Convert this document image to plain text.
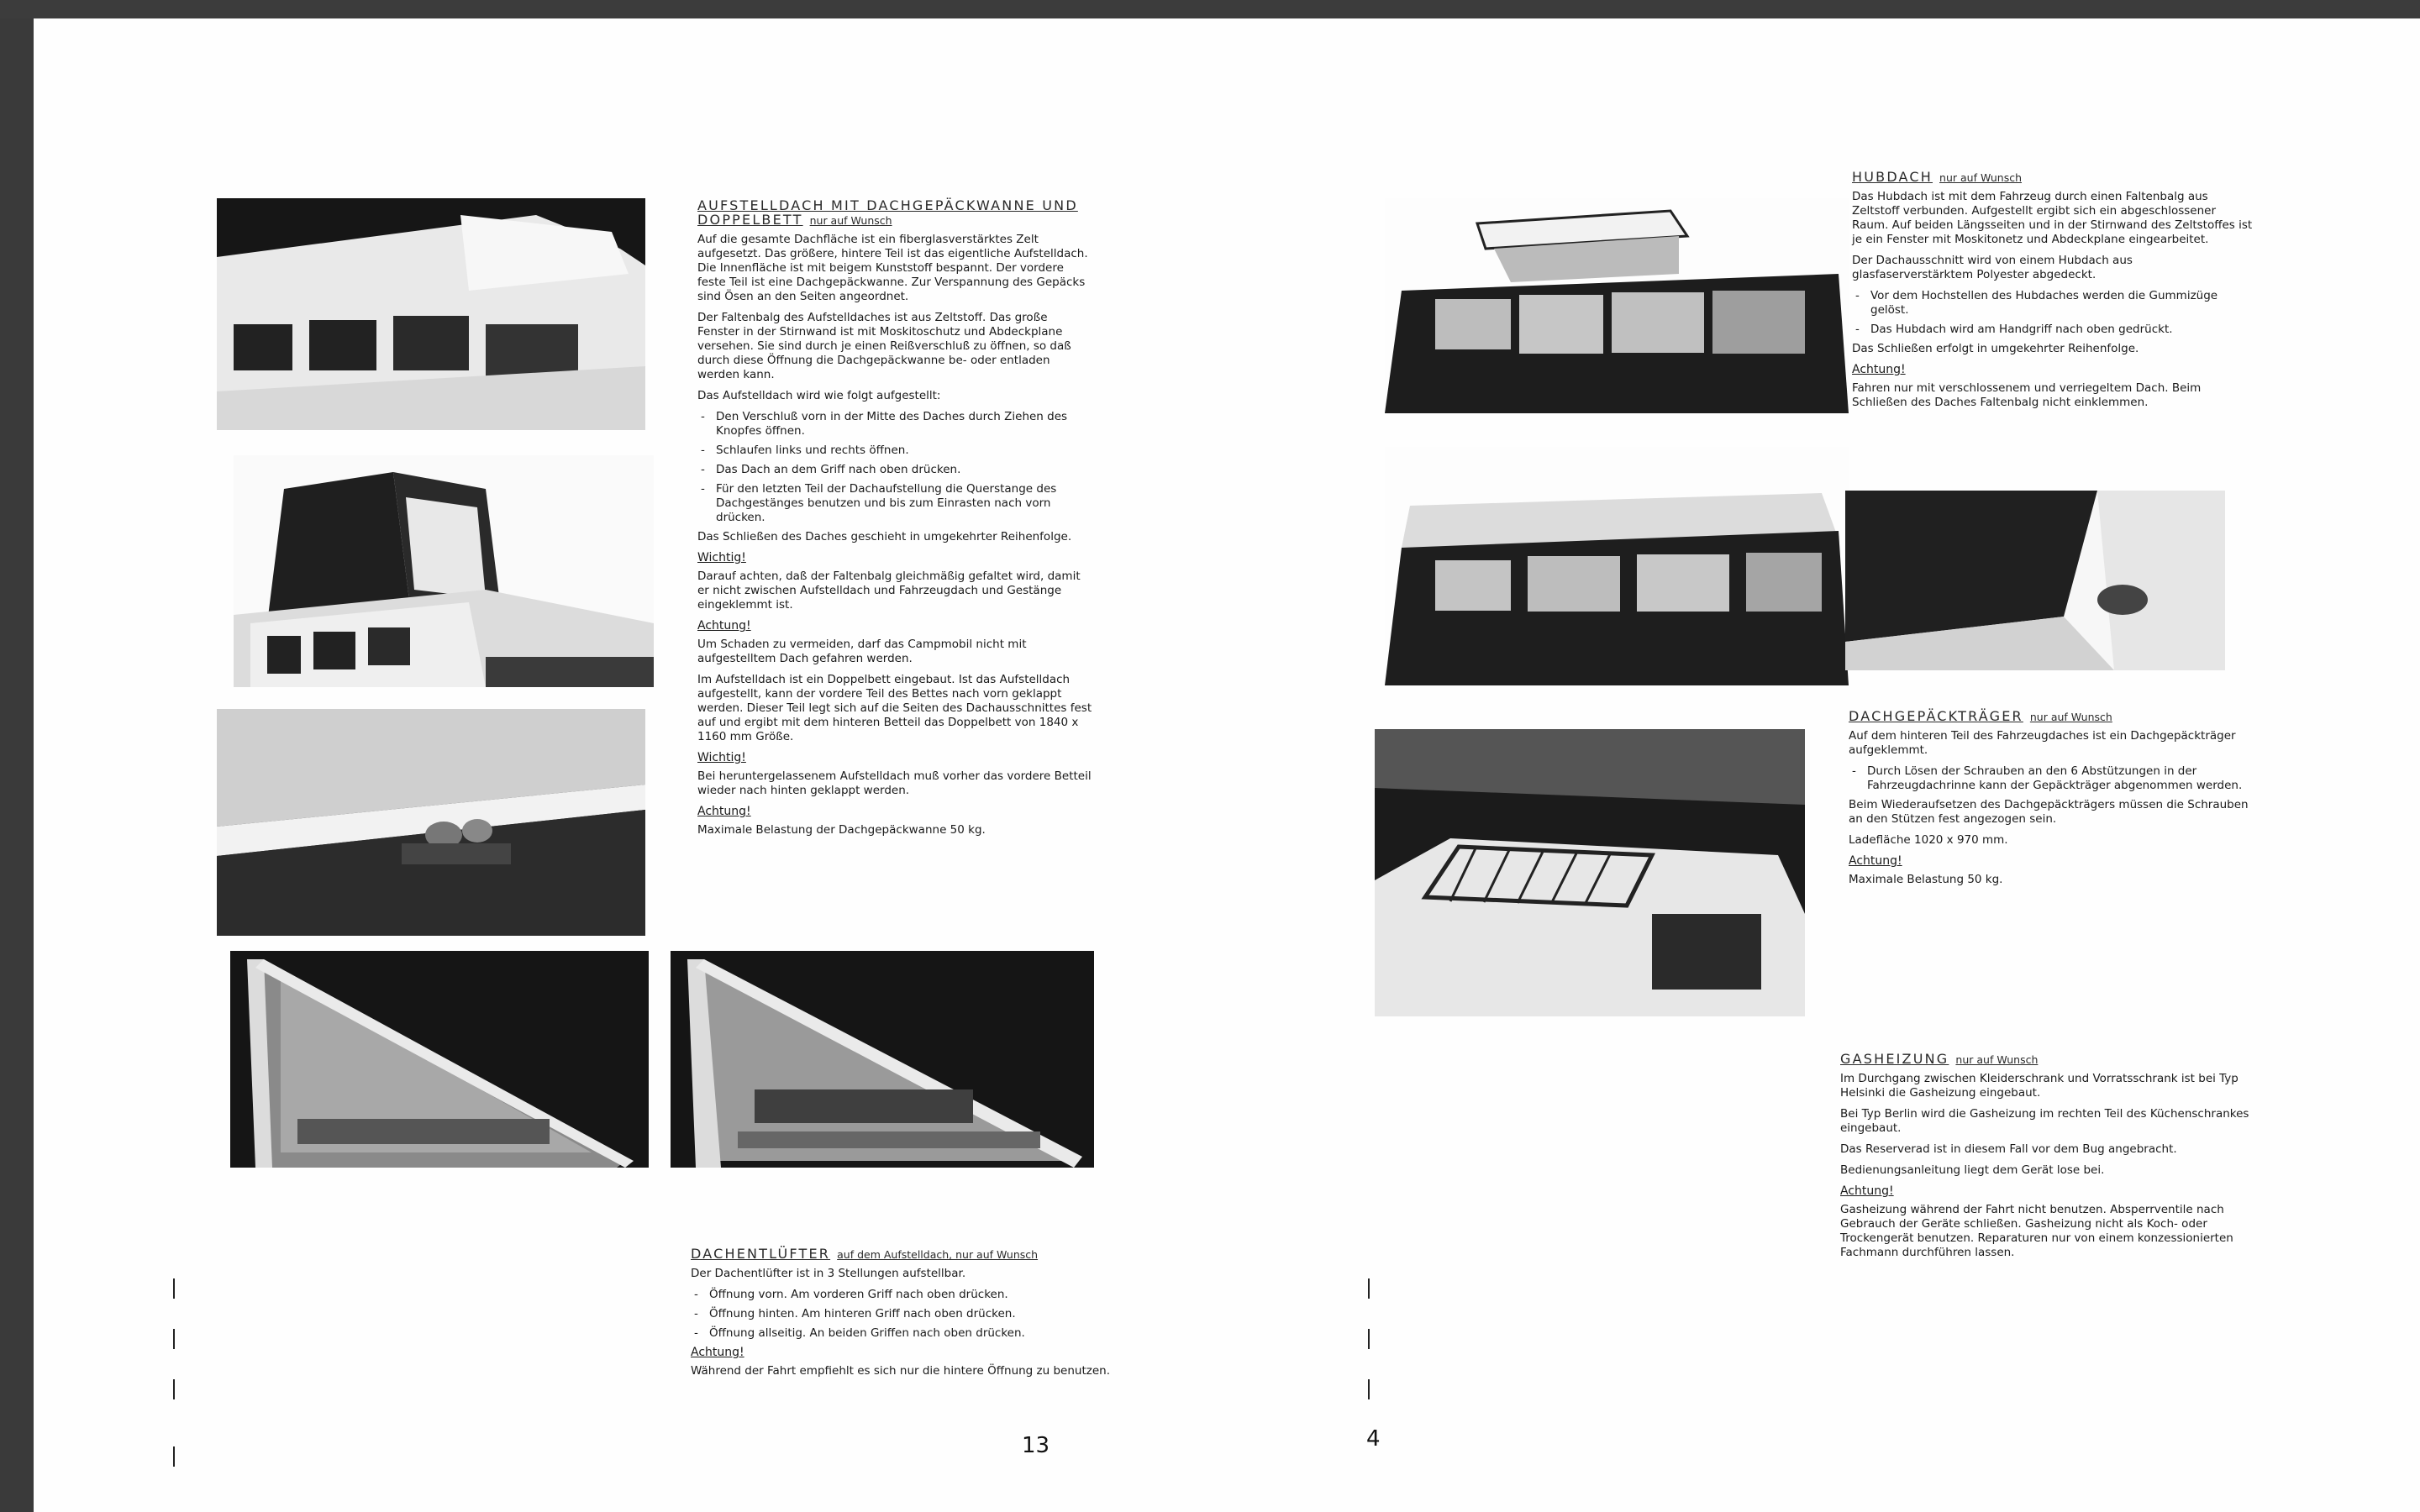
AUFSTELLDACH MIT DACHGEPÄCKWANNE UND DOPPELBETT nur auf Wunsch
Auf die gesamte Dachfläche ist ein fiberglasverstärktes Zelt aufgesetzt. Das größere, hintere Teil ist das eigentliche Aufstelldach. Die Innenfläche ist mit beigem Kunststoff bespannt. Der vordere feste Teil ist eine Dachgepäckwanne. Zur Verspannung des Gepäcks sind Ösen an den Seiten angeordnet.
Der Faltenbalg des Aufstelldaches ist aus Zeltstoff. Das große Fenster in der Stirnwand ist mit Moskitoschutz und Abdeckplane versehen. Sie sind durch je einen Reißverschluß zu öffnen, so daß durch diese Öffnung die Dachgepäckwanne be- oder entladen werden kann.
Das Aufstelldach wird wie folgt aufgestellt:
- Den Verschluß vorn in der Mitte des Daches durch Ziehen des Knopfes öffnen.
- Schlaufen links und rechts öffnen.
- Das Dach an dem Griff nach oben drücken.
- Für den letzten Teil der Dachaufstellung die Querstange des Dachgestänges benutzen und bis zum Einrasten nach vorn drücken.
Das Schließen des Daches geschieht in umgekehrter Reihenfolge.
Wichtig!
Darauf achten, daß der Faltenbalg gleichmäßig gefaltet wird, damit er nicht zwischen Aufstelldach und Fahrzeugdach und Gestänge eingeklemmt ist.
Achtung!
Um Schaden zu vermeiden, darf das Campmobil nicht mit aufgestelltem Dach gefahren werden.
Im Aufstelldach ist ein Doppelbett eingebaut. Ist das Aufstelldach aufgestellt, kann der vordere Teil des Bettes nach vorn geklappt werden. Dieser Teil legt sich auf die Seiten des Dachausschnittes fest auf und ergibt mit dem hinteren Betteil das Doppelbett von 1840 x 1160 mm Größe.
Wichtig!
Bei heruntergelassenem Aufstelldach muß vorher das vordere Betteil wieder nach hinten geklappt werden.
Achtung!
Maximale Belastung der Dachgepäckwanne 50 kg.
DACHENTLÜFTER auf dem Aufstelldach, nur auf Wunsch
Der Dachentlüfter ist in 3 Stellungen aufstellbar.
- Öffnung vorn. Am vorderen Griff nach oben drücken.
- Öffnung hinten. Am hinteren Griff nach oben drücken.
- Öffnung allseitig. An beiden Griffen nach oben drücken.
Achtung!
Während der Fahrt empfiehlt es sich nur die hintere Öffnung zu benutzen.
13
HUBDACH nur auf Wunsch
Das Hubdach ist mit dem Fahrzeug durch einen Faltenbalg aus Zeltstoff verbunden. Aufgestellt ergibt sich ein abgeschlossener Raum. Auf beiden Längsseiten und in der Stirnwand des Zeltstoffes ist je ein Fenster mit Moskitonetz und Abdeckplane eingearbeitet.
Der Dachausschnitt wird von einem Hubdach aus glasfaserverstärktem Polyester abgedeckt.
- Vor dem Hochstellen des Hubdaches werden die Gummizüge gelöst.
- Das Hubdach wird am Handgriff nach oben gedrückt.
Das Schließen erfolgt in umgekehrter Reihenfolge.
Achtung!
Fahren nur mit verschlossenem und verriegeltem Dach. Beim Schließen des Daches Faltenbalg nicht einklemmen.
DACHGEPÄCKTRÄGER nur auf Wunsch
Auf dem hinteren Teil des Fahrzeugdaches ist ein Dachgepäckträger aufgeklemmt.
- Durch Lösen der Schrauben an den 6 Abstützungen in der Fahrzeugdachrinne kann der Gepäckträger abgenommen werden.
Beim Wiederaufsetzen des Dachgepäckträgers müssen die Schrauben an den Stützen fest angezogen sein.
Ladefläche 1020 x 970 mm.
Achtung!
Maximale Belastung 50 kg.
GASHEIZUNG nur auf Wunsch
Im Durchgang zwischen Kleiderschrank und Vorratsschrank ist bei Typ Helsinki die Gasheizung eingebaut.
Bei Typ Berlin wird die Gasheizung im rechten Teil des Küchenschrankes eingebaut.
Das Reserverad ist in diesem Fall vor dem Bug angebracht.
Bedienungsanleitung liegt dem Gerät lose bei.
Achtung!
Gasheizung während der Fahrt nicht benutzen. Absperrventile nach Gebrauch der Geräte schließen. Gasheizung nicht als Koch- oder Trockengerät benutzen. Reparaturen nur von einem konzessionierten Fachmann durchführen lassen.
4
